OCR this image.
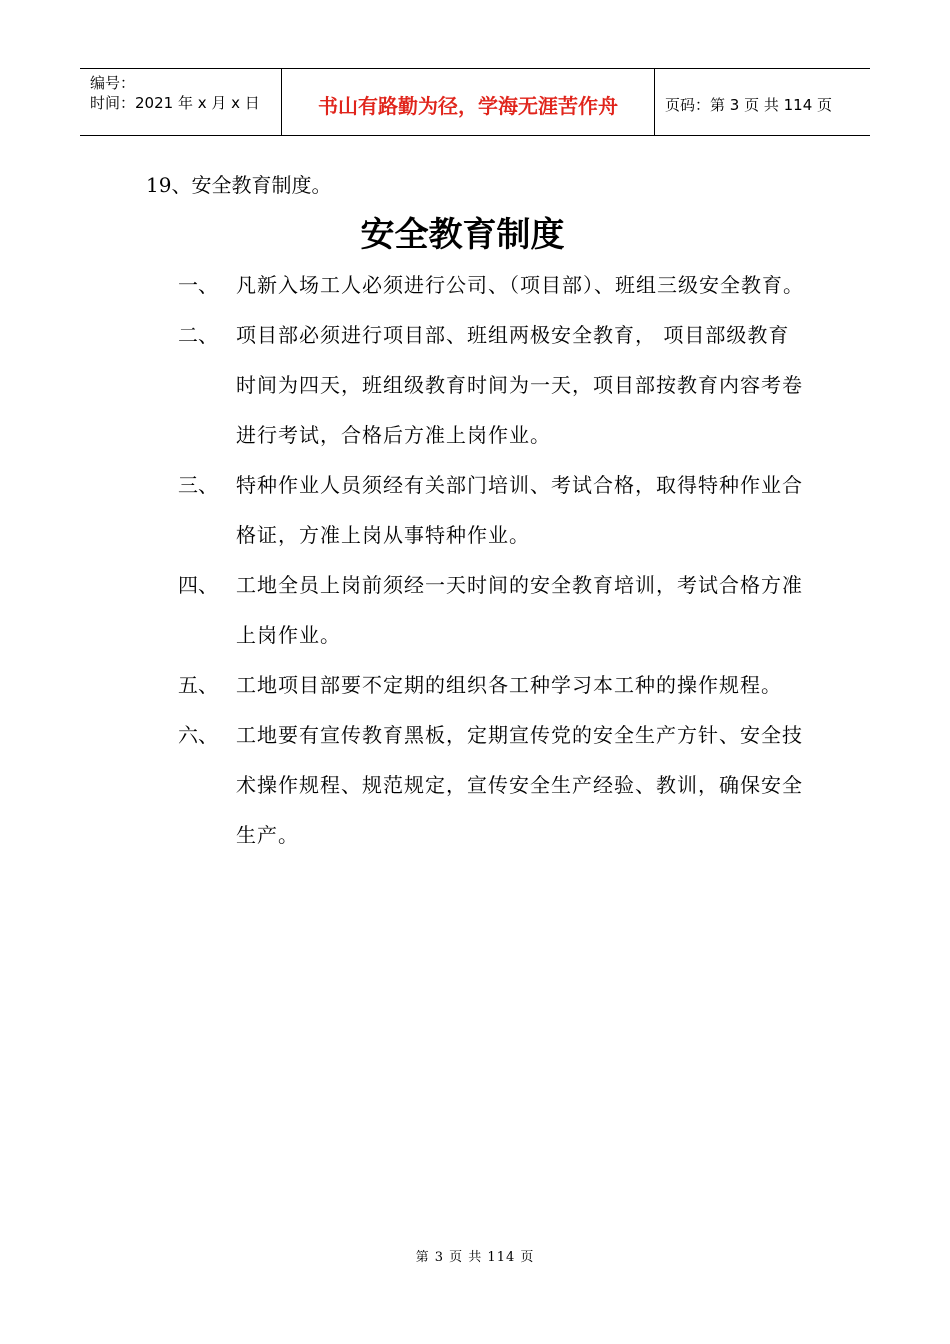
编号：
时间：2021 年 x 月 x 日	书山有路勤为径，学海无涯苦作舟	页码：第 3 页 共 114 页
19、安全教育制度。
安全教育制度
一、 凡新入场工人必须进行公司、（项目部）、班组三级安全教育。
二、 项目部必须进行项目部、班组两极安全教育， 项目部级教育时间为四天，班组级教育时间为一天，项目部按教育内容考卷进行考试，合格后方准上岗作业。
三、 特种作业人员须经有关部门培训、考试合格，取得特种作业合格证，方准上岗从事特种作业。
四、 工地全员上岗前须经一天时间的安全教育培训，考试合格方准上岗作业。
五、 工地项目部要不定期的组织各工种学习本工种的操作规程。
六、 工地要有宣传教育黑板，定期宣传党的安全生产方针、安全技术操作规程、规范规定，宣传安全生产经验、教训，确保安全生产。
第 3 页 共 114 页
